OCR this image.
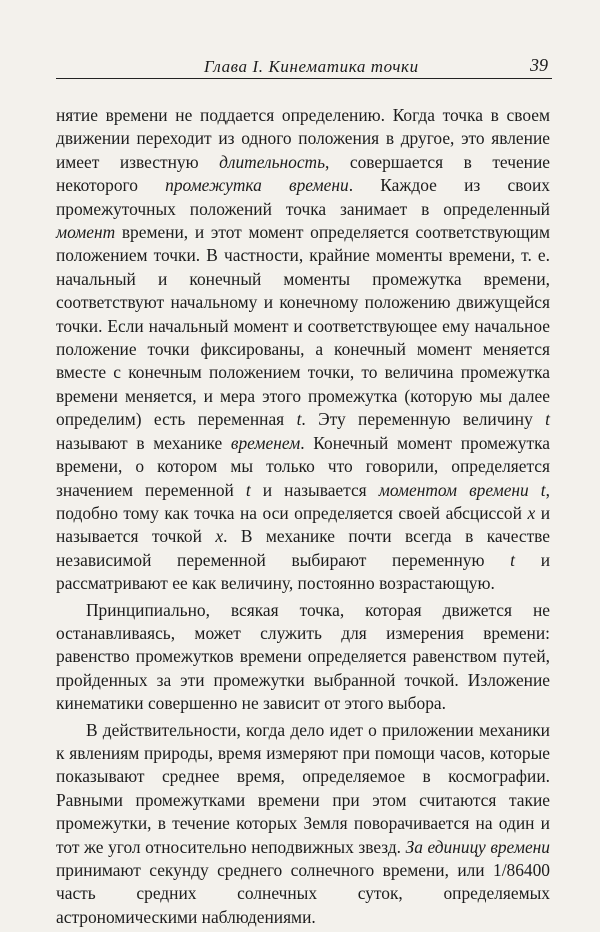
Глава I. Кинематика точки	39

нятие времени не поддается определению. Когда точка в своем движении переходит из одного положения в другое, это явление имеет известную длительность, совершается в течение некоторого промежутка времени. Каждое из своих промежуточных положений точка занимает в определенный момент времени, и этот момент определяется соответствующим положением точки. В частности, крайние моменты времени, т. е. начальный и конечный моменты промежутка времени, соответствуют начальному и конечному положению движущейся точки. Если начальный момент и соответствующее ему начальное положение точки фиксированы, а конечный момент меняется вместе с конечным положением точки, то величина промежутка времени меняется, и мера этого промежутка (которую мы далее определим) есть переменная t. Эту переменную величину t называют в механике временем. Конечный момент промежутка времени, о котором мы только что говорили, определяется значением переменной t и называется моментом времени t, подобно тому как точка на оси определяется своей абсциссой x и называется точкой x. В механике почти всегда в качестве независимой переменной выбирают переменную t и рассматривают ее как величину, постоянно возрастающую.

Принципиально, всякая точка, которая движется не останавливаясь, может служить для измерения времени: равенство промежутков времени определяется равенством путей, пройденных за эти промежутки выбранной точкой. Изложение кинематики совершенно не зависит от этого выбора.

В действительности, когда дело идет о приложении механики к явлениям природы, время измеряют при помощи часов, которые показывают среднее время, определяемое в космографии. Равными промежутками времени при этом считаются такие промежутки, в течение которых Земля поворачивается на один и тот же угол относительно неподвижных звезд. За единицу времени принимают секунду среднего солнечного времени, или 1/86400 часть средних солнечных суток, определяемых астрономическими наблюдениями.
